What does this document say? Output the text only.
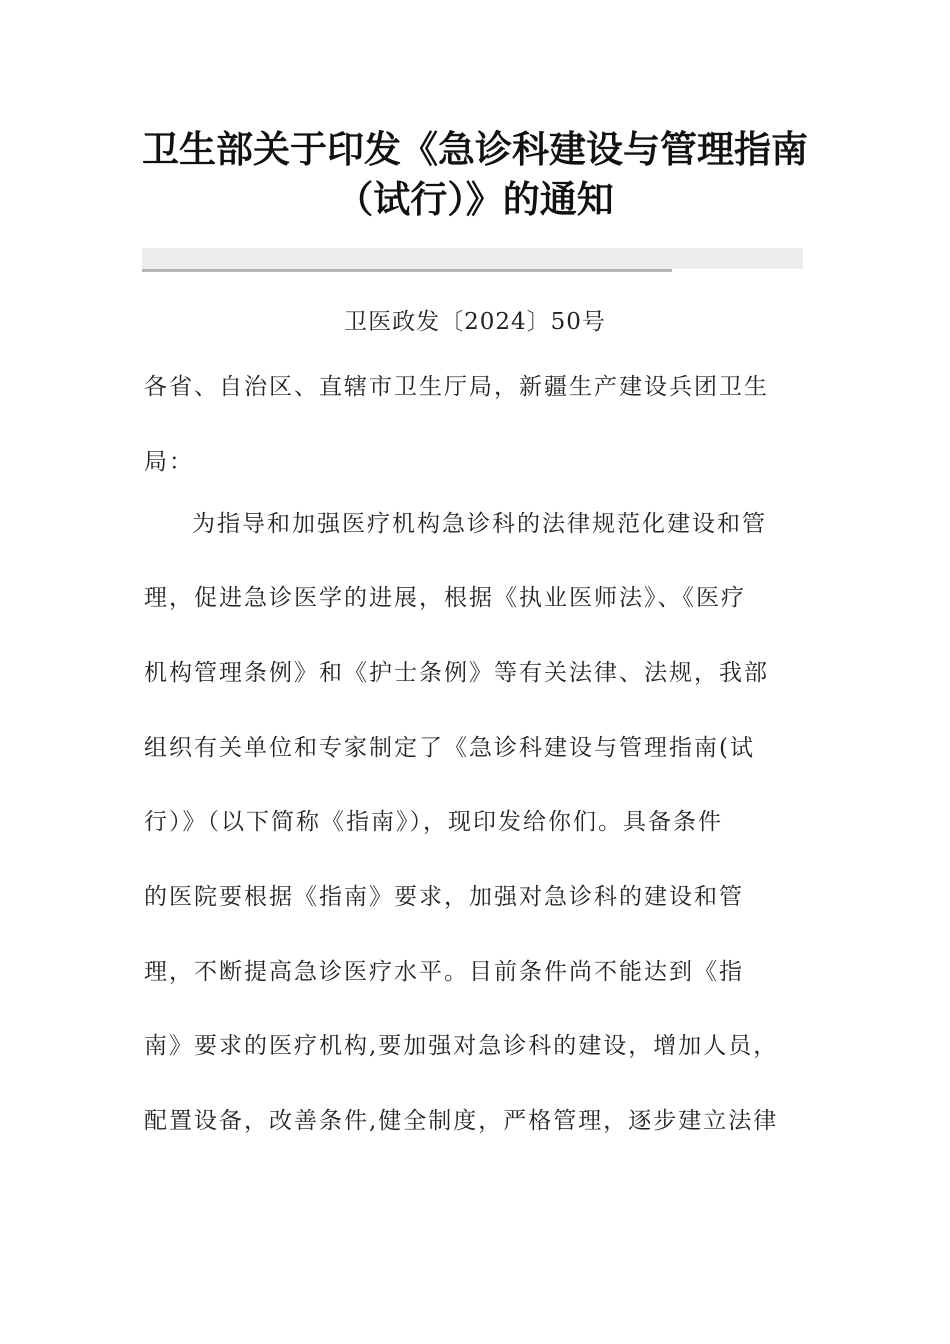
卫生部关于印发《急诊科建设与管理指南
（试行）》的通知
卫医政发〔2024〕50号
各省、自治区、直辖市卫生厅局，新疆生产建设兵团卫生
局：
为指导和加强医疗机构急诊科的法律规范化建设和管
理，促进急诊医学的进展，根据《执业医师法》、《医疗
机构管理条例》和《护士条例》等有关法律、法规，我部
组织有关单位和专家制定了《急诊科建设与管理指南(试
行）》（以下简称《指南》），现印发给你们。具备条件
的医院要根据《指南》要求，加强对急诊科的建设和管
理，不断提高急诊医疗水平。目前条件尚不能达到《指
南》要求的医疗机构,要加强对急诊科的建设，增加人员，
配置设备，改善条件,健全制度，严格管理，逐步建立法律
